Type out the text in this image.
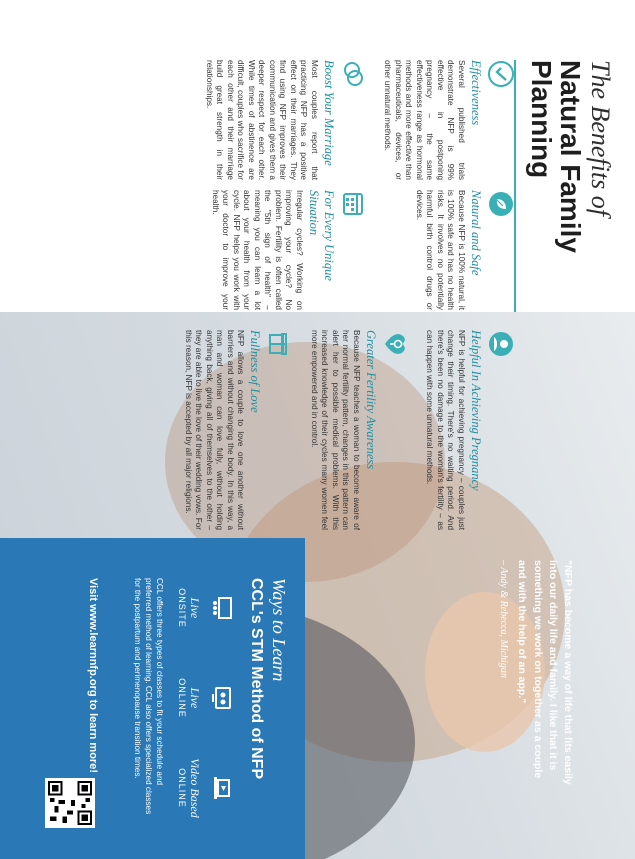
The Benefits of
Natural Family
Planning

Effectiveness

Several published trials demonstrate NFP is 99% effective in postponing pregnancy – the same effectiveness range as hormonal methods and more effective than pharmaceuticals, devices, or other unnatural methods.

Natural and Safe

Because NFP is 100% natural, it is 100% safe and has no health risks. It involves no potentially harmful birth control drugs or devices.

Boost Your Marriage

Most couples report that practicing NFP has a positive effect on their marriages. They find using NFP improves their communication and gives them a deeper respect for each other. While times of abstinence are difficult, couples who sacrifice for each other and their marriage build great strength in their relationships.

For Every Unique Situation

Irregular cycles? Working on improving your cycle? No problem. Fertility is often called the "5th sign of health" – meaning you can learn a lot about your health from your cycle. NFP helps you work with your doctor to improve your health.

Helpful In Achieving Pregnancy

NFP is helpful for achieving pregnancy – couples just change their timing. There's no waiting period. And there's been no damage to the woman's fertility – as can happen with some unnatural methods.

Greater Fertility Awareness

Because NFP teaches a woman to become aware of her normal fertility pattern, changes in this pattern can alert her to possible medical problems. With this increased knowledge of their cycles many women feel more empowered and in control.

Fullness of Love

NFP allows a couple to love one another without barriers and without changing the body. In this way, a man and woman can love fully, without holding anything back, giving all of themselves to the other – they are able to live the love of their wedding vows. For this reason, NFP is accepted by all major religions.

"NFP has become a way of life that fits easily into our daily life and family. I like that it is something we work on together as a couple and with the help of an app."
– Andy & Rebecca, Michigan
Ways to Learn
CCL's STM Method of NFP
Live
ONSITE
Live
ONLINE
Video Based
ONLINE
CCL offers three types of classes to fit your schedule and preferred method of learning. CCL also offers specialized classes for the postpartum and perimenopause transition times.
Visit www.learnnfp.org to learn more!
